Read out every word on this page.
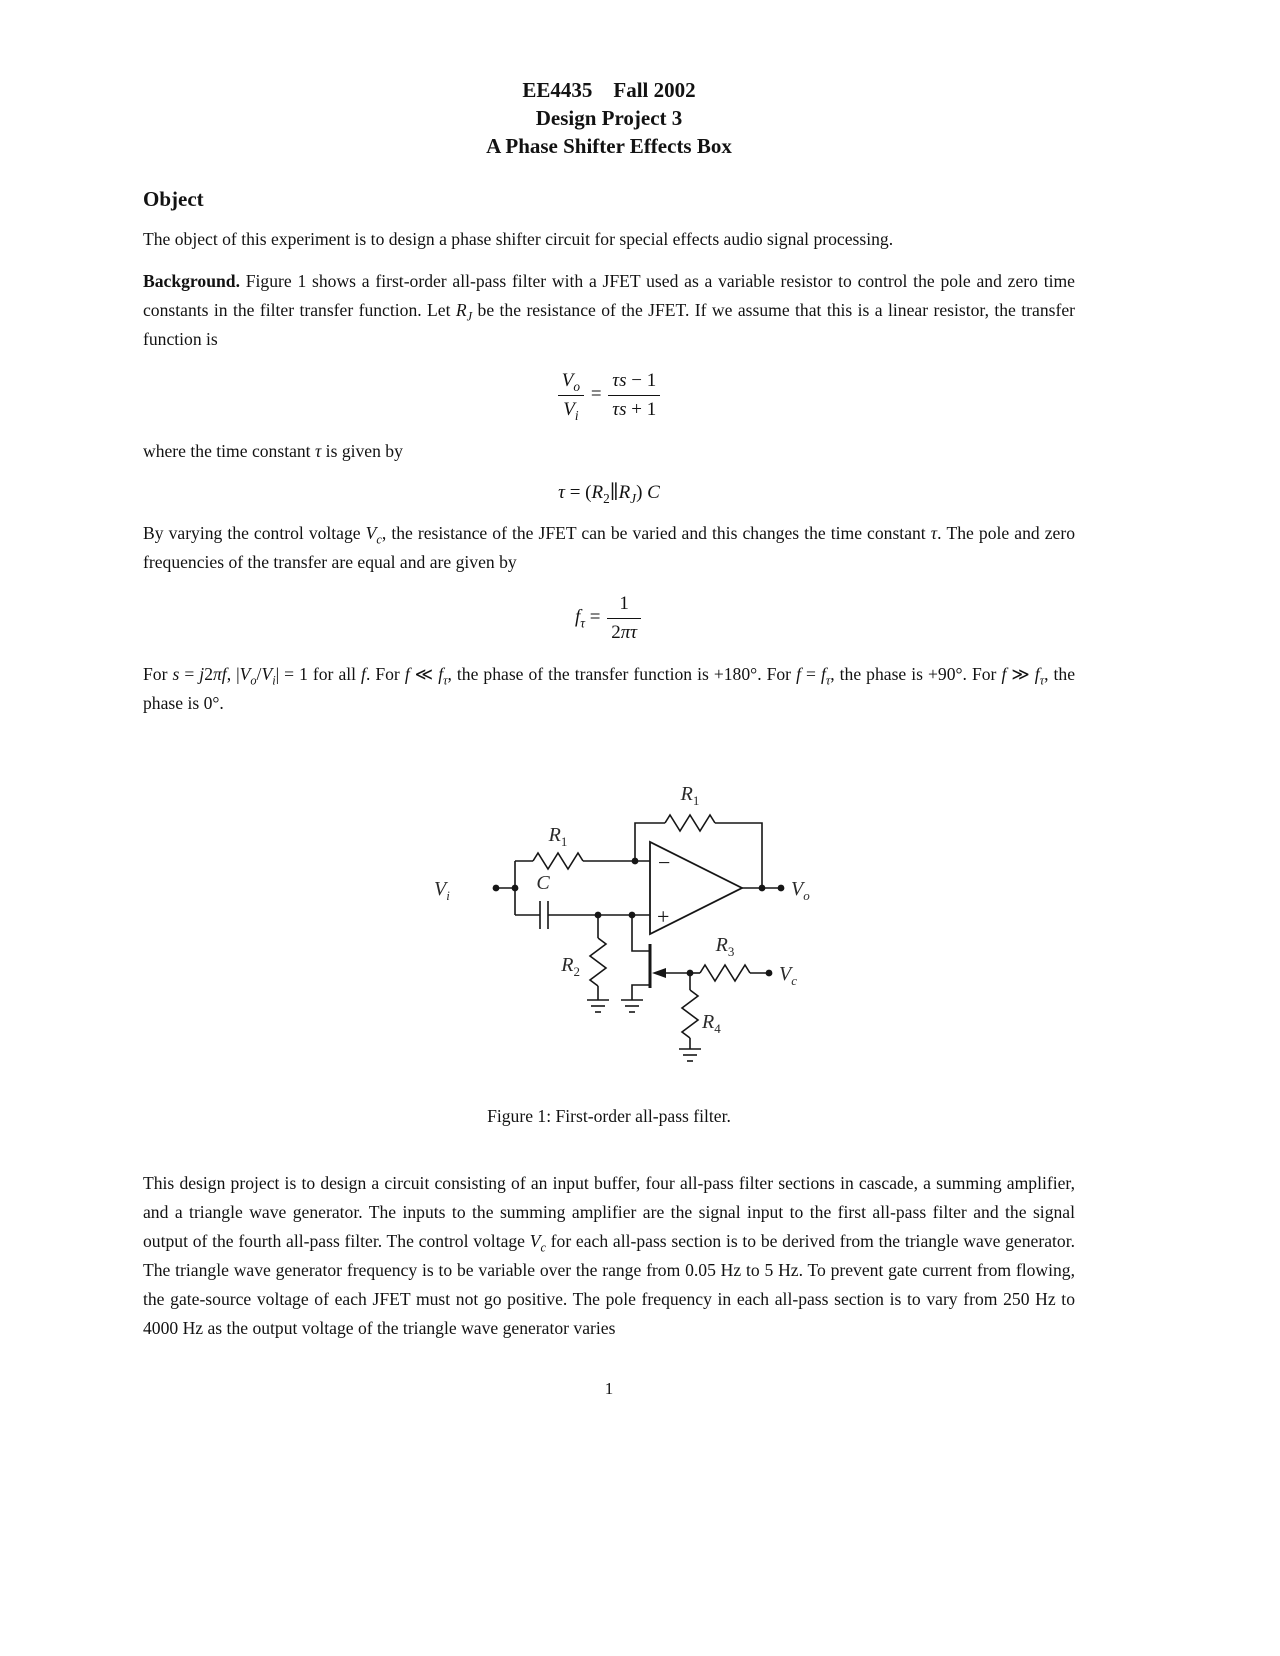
EE4435  Fall 2002
Design Project 3
A Phase Shifter Effects Box
Object

The object of this experiment is to design a phase shifter circuit for special effects audio signal processing.

Background. Figure 1 shows a first-order all-pass filter with a JFET used as a variable resistor to control the pole and zero time constants in the filter transfer function. Let $R_J$ be the resistance of the JFET. If we assume that this is a linear resistor, the transfer function is

$\frac{V_o}{V_i} = \frac{\tau s - 1}{\tau s + 1}$

where the time constant τ is given by

$\tau = (R_2\parallel R_J)$ C

By varying the control voltage $V_c$, the resistance of the JFET can be varied and this changes the time constant τ. The pole and zero frequencies of the transfer are equal and are given by

$f_\tau = \frac{1}{2\pi\tau}$

For s = j2πf, $|V_o/V_i| = 1$ for all f. For f ≪ $f_\tau$, the phase of the transfer function is +180°. For $f = f_\tau$, the phase is +90°. For f ≫ $f_\tau$, the phase is 0°.

$V_i$
$R_1$
$R_1$
C
$R_2$
−
+
$V_o$
$R_3$
$V_c$
$R_4$
Figure 1: First-order all-pass filter.

This design project is to design a circuit consisting of an input buffer, four all-pass filter sections in cascade, a summing amplifier, and a triangle wave generator. The inputs to the summing amplifier are the signal input to the first all-pass filter and the signal output of the fourth all-pass filter. The control voltage $V_c$ for each all-pass section is to be derived from the triangle wave generator. The triangle wave generator frequency is to be variable over the range from 0.05 Hz to 5 Hz. To prevent gate current from flowing, the gate-source voltage of each JFET must not go positive. The pole frequency in each all-pass section is to vary from 250 Hz to 4000 Hz as the output voltage of the triangle wave generator varies

1
